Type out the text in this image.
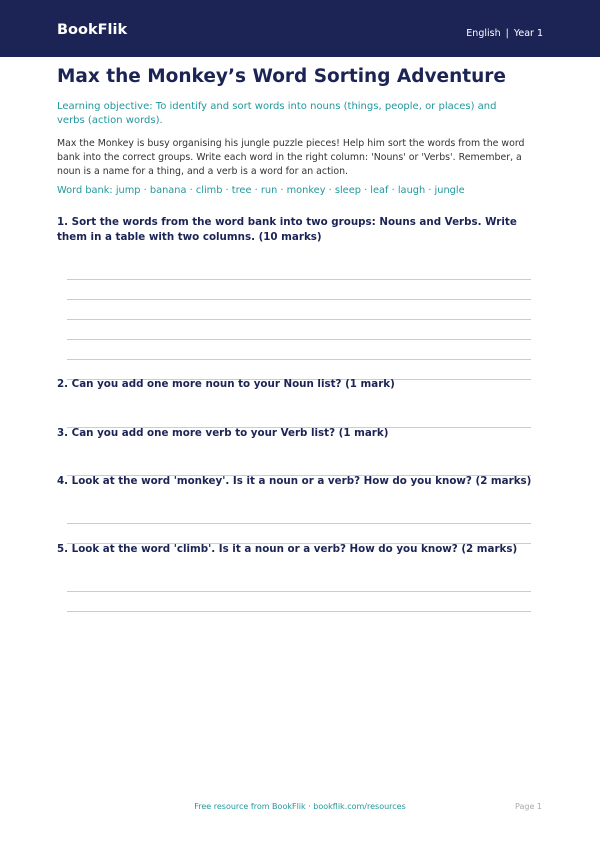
BookFlik	English | Year 1
Max the Monkey’s Word Sorting Adventure
Learning objective: To identify and sort words into nouns (things, people, or places) and verbs (action words).
Max the Monkey is busy organising his jungle puzzle pieces! Help him sort the words from the word bank into the correct groups. Write each word in the right column: 'Nouns' or 'Verbs'. Remember, a noun is a name for a thing, and a verb is a word for an action.
Word bank: jump · banana · climb · tree · run · monkey · sleep · leaf · laugh · jungle
1. Sort the words from the word bank into two groups: Nouns and Verbs. Write them in a table with two columns. (10 marks)
2. Can you add one more noun to your Noun list? (1 mark)
3. Can you add one more verb to your Verb list? (1 mark)
4. Look at the word 'monkey'. Is it a noun or a verb? How do you know? (2 marks)
5. Look at the word 'climb'. Is it a noun or a verb? How do you know? (2 marks)
Free resource from BookFlik · bookflik.com/resources	Page 1
